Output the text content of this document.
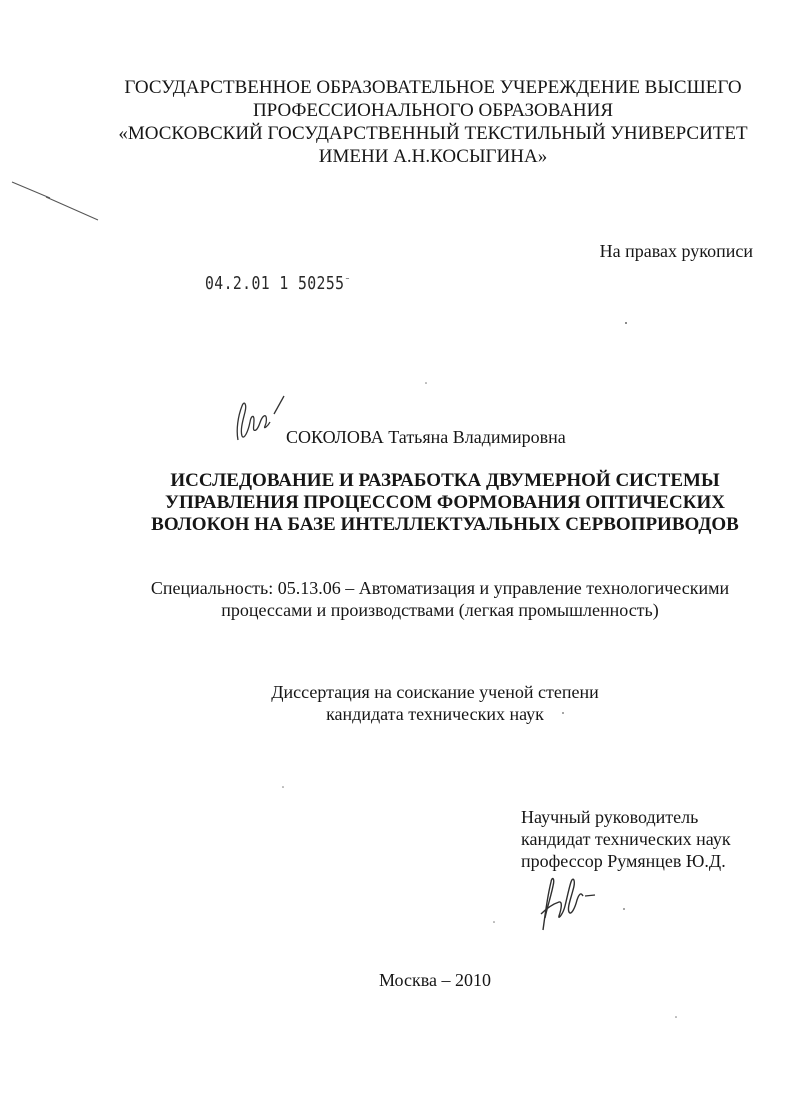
ГОСУДАРСТВЕННОЕ ОБРАЗОВАТЕЛЬНОЕ УЧЕРЕЖДЕНИЕ ВЫСШЕГО
ПРОФЕССИОНАЛЬНОГО ОБРАЗОВАНИЯ
«МОСКОВСКИЙ ГОСУДАРСТВЕННЫЙ ТЕКСТИЛЬНЫЙ УНИВЕРСИТЕТ
ИМЕНИ А.Н.КОСЫГИНА»
На правах рукописи
04.2.01 1 50255⁻
СОКОЛОВА Татьяна Владимировна
ИССЛЕДОВАНИЕ И РАЗРАБОТКА ДВУМЕРНОЙ СИСТЕМЫ
УПРАВЛЕНИЯ ПРОЦЕССОМ ФОРМОВАНИЯ ОПТИЧЕСКИХ
ВОЛОКОН НА БАЗЕ ИНТЕЛЛЕКТУАЛЬНЫХ СЕРВОПРИВОДОВ
Специальность: 05.13.06 – Автоматизация и управление технологическими
процессами и производствами (легкая промышленность)
Диссертация на соискание ученой степени
кандидата технических наук
Научный руководитель
кандидат технических наук
профессор Румянцев Ю.Д.
Москва – 2010
